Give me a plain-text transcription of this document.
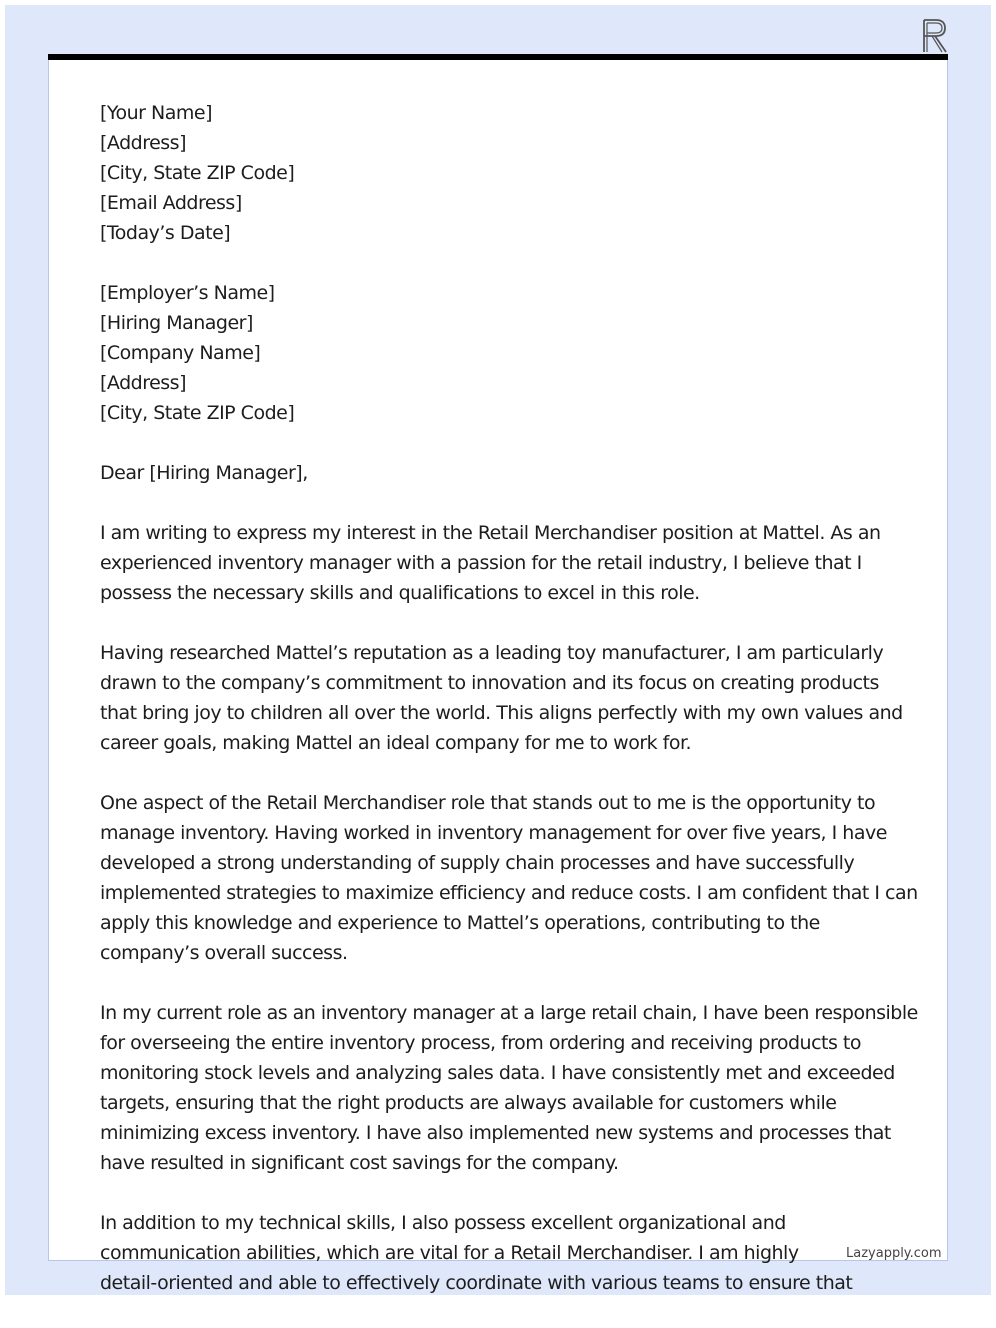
[Your Name]
[Address]
[City, State ZIP Code]
[Email Address]
[Today’s Date]
[Employer’s Name]
[Hiring Manager]
[Company Name]
[Address]
[City, State ZIP Code]
Dear [Hiring Manager],
I am writing to express my interest in the Retail Merchandiser position at Mattel. As an
experienced inventory manager with a passion for the retail industry, I believe that I
possess the necessary skills and qualifications to excel in this role.
Having researched Mattel’s reputation as a leading toy manufacturer, I am particularly
drawn to the company’s commitment to innovation and its focus on creating products
that bring joy to children all over the world. This aligns perfectly with my own values and
career goals, making Mattel an ideal company for me to work for.
One aspect of the Retail Merchandiser role that stands out to me is the opportunity to
manage inventory. Having worked in inventory management for over five years, I have
developed a strong understanding of supply chain processes and have successfully
implemented strategies to maximize efficiency and reduce costs. I am confident that I can
apply this knowledge and experience to Mattel’s operations, contributing to the
company’s overall success.
In my current role as an inventory manager at a large retail chain, I have been responsible
for overseeing the entire inventory process, from ordering and receiving products to
monitoring stock levels and analyzing sales data. I have consistently met and exceeded
targets, ensuring that the right products are always available for customers while
minimizing excess inventory. I have also implemented new systems and processes that
have resulted in significant cost savings for the company.
In addition to my technical skills, I also possess excellent organizational and
communication abilities, which are vital for a Retail Merchandiser. I am highly
detail-oriented and able to effectively coordinate with various teams to ensure that
Lazyapply.com
